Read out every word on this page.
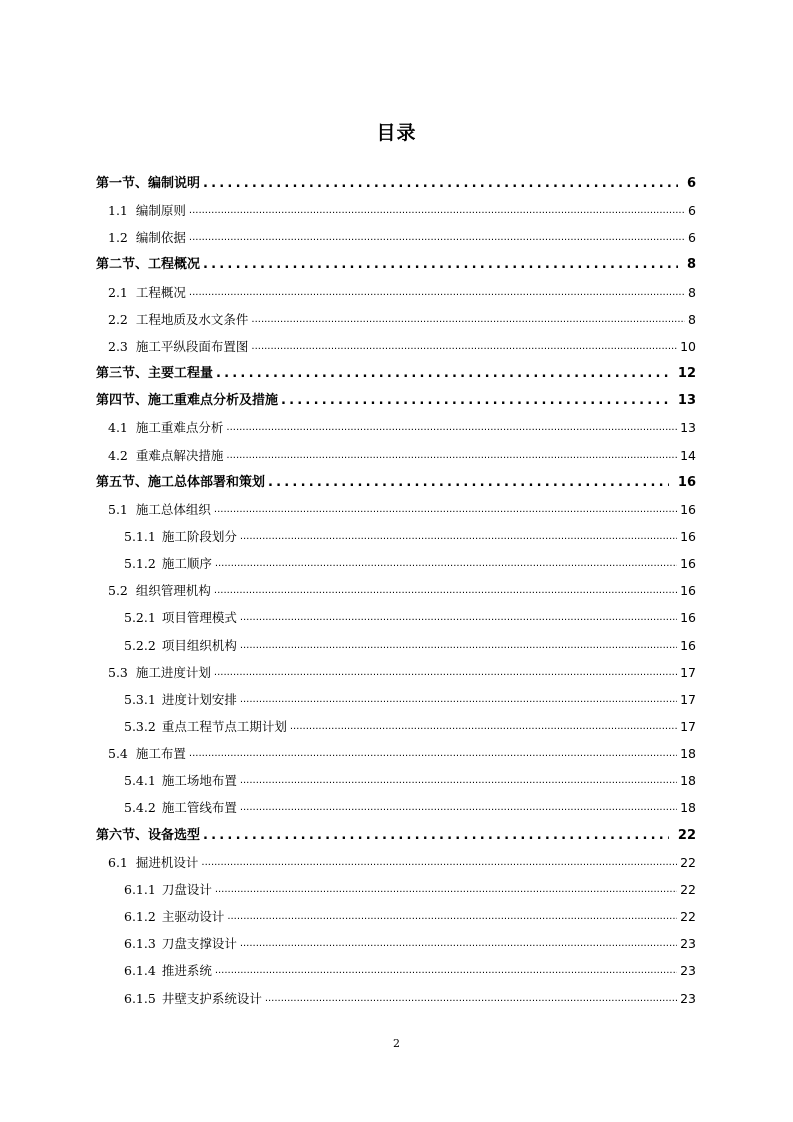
目录
第一节、编制说明 .....	6
1.1 编制原则 .....	6
1.2 编制依据 .....	6
第二节、工程概况 .....	8
2.1 工程概况 .....	8
2.2 工程地质及水文条件 .....	8
2.3 施工平纵段面布置图 .....	10
第三节、主要工程量 .....	12
第四节、施工重难点分析及措施 .....	13
4.1 施工重难点分析 .....	13
4.2 重难点解决措施 .....	14
第五节、施工总体部署和策划 .....	16
5.1 施工总体组织 .....	16
5.1.1 施工阶段划分 .....	16
5.1.2 施工顺序 .....	16
5.2 组织管理机构 .....	16
5.2.1 项目管理模式 .....	16
5.2.2 项目组织机构 .....	16
5.3 施工进度计划 .....	17
5.3.1 进度计划安排 .....	17
5.3.2 重点工程节点工期计划 .....	17
5.4 施工布置 .....	18
5.4.1 施工场地布置 .....	18
5.4.2 施工管线布置 .....	18
第六节、设备选型 .....	22
6.1 掘进机设计 .....	22
6.1.1 刀盘设计 .....	22
6.1.2 主驱动设计 .....	22
6.1.3 刀盘支撑设计 .....	23
6.1.4 推进系统 .....	23
6.1.5 井壁支护系统设计 .....	23
2
